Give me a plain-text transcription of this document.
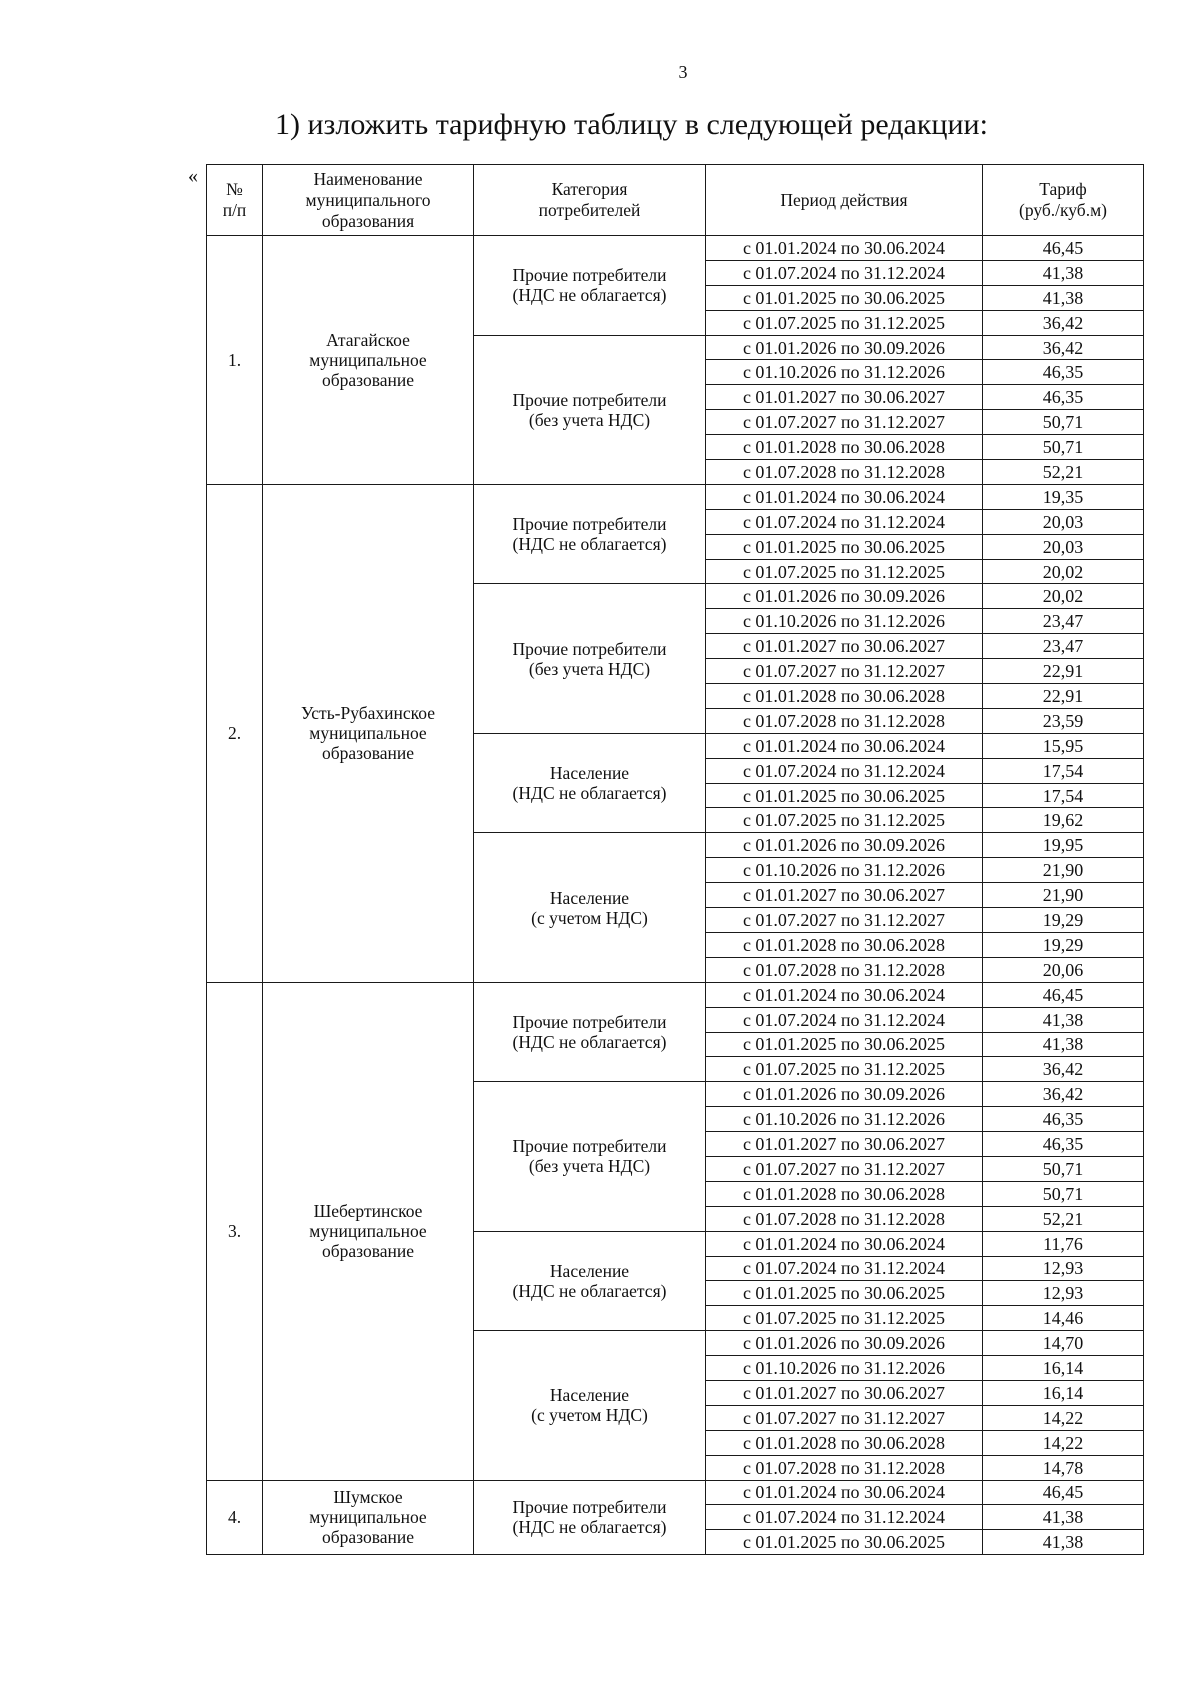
3
1) изложить тарифную таблицу в следующей редакции:
«
№
п/п	Наименование
муниципального
образования	Категория
потребителей	Период действия	Тариф
(руб./куб.м)
1.	Атагайское
муниципальное
образование	Прочие потребители
(НДС не облагается)	с 01.01.2024 по 30.06.2024	46,45
			с 01.07.2024 по 31.12.2024	41,38
			с 01.01.2025 по 30.06.2025	41,38
			с 01.07.2025 по 31.12.2025	36,42
		Прочие потребители
(без учета НДС)	с 01.01.2026 по 30.09.2026	36,42
			с 01.10.2026 по 31.12.2026	46,35
			с 01.01.2027 по 30.06.2027	46,35
			с 01.07.2027 по 31.12.2027	50,71
			с 01.01.2028 по 30.06.2028	50,71
			с 01.07.2028 по 31.12.2028	52,21
2.	Усть-Рубахинское
муниципальное
образование	Прочие потребители
(НДС не облагается)	с 01.01.2024 по 30.06.2024	19,35
			с 01.07.2024 по 31.12.2024	20,03
			с 01.01.2025 по 30.06.2025	20,03
			с 01.07.2025 по 31.12.2025	20,02
		Прочие потребители
(без учета НДС)	с 01.01.2026 по 30.09.2026	20,02
			с 01.10.2026 по 31.12.2026	23,47
			с 01.01.2027 по 30.06.2027	23,47
			с 01.07.2027 по 31.12.2027	22,91
			с 01.01.2028 по 30.06.2028	22,91
			с 01.07.2028 по 31.12.2028	23,59
		Население
(НДС не облагается)	с 01.01.2024 по 30.06.2024	15,95
			с 01.07.2024 по 31.12.2024	17,54
			с 01.01.2025 по 30.06.2025	17,54
			с 01.07.2025 по 31.12.2025	19,62
		Население
(с учетом НДС)	с 01.01.2026 по 30.09.2026	19,95
			с 01.10.2026 по 31.12.2026	21,90
			с 01.01.2027 по 30.06.2027	21,90
			с 01.07.2027 по 31.12.2027	19,29
			с 01.01.2028 по 30.06.2028	19,29
			с 01.07.2028 по 31.12.2028	20,06
3.	Шебертинское
муниципальное
образование	Прочие потребители
(НДС не облагается)	с 01.01.2024 по 30.06.2024	46,45
			с 01.07.2024 по 31.12.2024	41,38
			с 01.01.2025 по 30.06.2025	41,38
			с 01.07.2025 по 31.12.2025	36,42
		Прочие потребители
(без учета НДС)	с 01.01.2026 по 30.09.2026	36,42
			с 01.10.2026 по 31.12.2026	46,35
			с 01.01.2027 по 30.06.2027	46,35
			с 01.07.2027 по 31.12.2027	50,71
			с 01.01.2028 по 30.06.2028	50,71
			с 01.07.2028 по 31.12.2028	52,21
		Население
(НДС не облагается)	с 01.01.2024 по 30.06.2024	11,76
			с 01.07.2024 по 31.12.2024	12,93
			с 01.01.2025 по 30.06.2025	12,93
			с 01.07.2025 по 31.12.2025	14,46
		Население
(с учетом НДС)	с 01.01.2026 по 30.09.2026	14,70
			с 01.10.2026 по 31.12.2026	16,14
			с 01.01.2027 по 30.06.2027	16,14
			с 01.07.2027 по 31.12.2027	14,22
			с 01.01.2028 по 30.06.2028	14,22
			с 01.07.2028 по 31.12.2028	14,78
4.	Шумское
муниципальное
образование	Прочие потребители
(НДС не облагается)	с 01.01.2024 по 30.06.2024	46,45
			с 01.07.2024 по 31.12.2024	41,38
			с 01.01.2025 по 30.06.2025	41,38
